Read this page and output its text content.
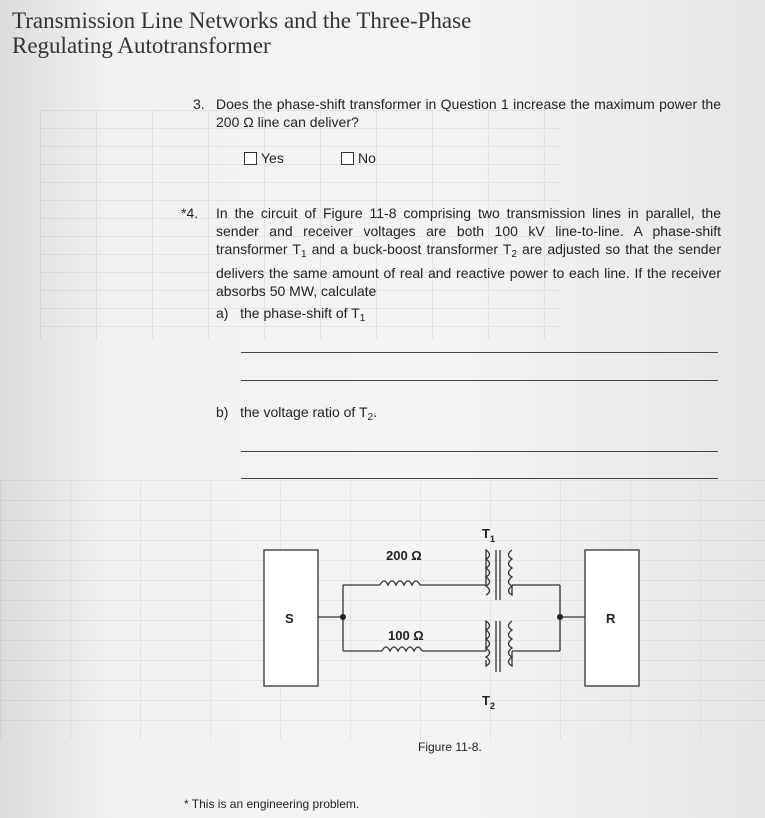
Transmission Line Networks and the Three-Phase
Regulating Autotransformer
3. Does the phase-shift transformer in Question 1 increase the maximum power the 200 Ω line can deliver?
Yes	No
*4. In the circuit of Figure 11-8 comprising two transmission lines in parallel, the sender and receiver voltages are both 100 kV line-to-line. A phase-shift transformer $T_1$ and a buck-boost transformer $T_2$ are adjusted so that the sender delivers the same amount of real and reactive power to each line. If the receiver absorbs 50 MW, calculate
a) the phase-shift of $T_1$
b) the voltage ratio of $T_2$.
S	R
200 Ω
100 Ω
$T_1$
$T_2$
Figure 11-8.
* This is an engineering problem.
